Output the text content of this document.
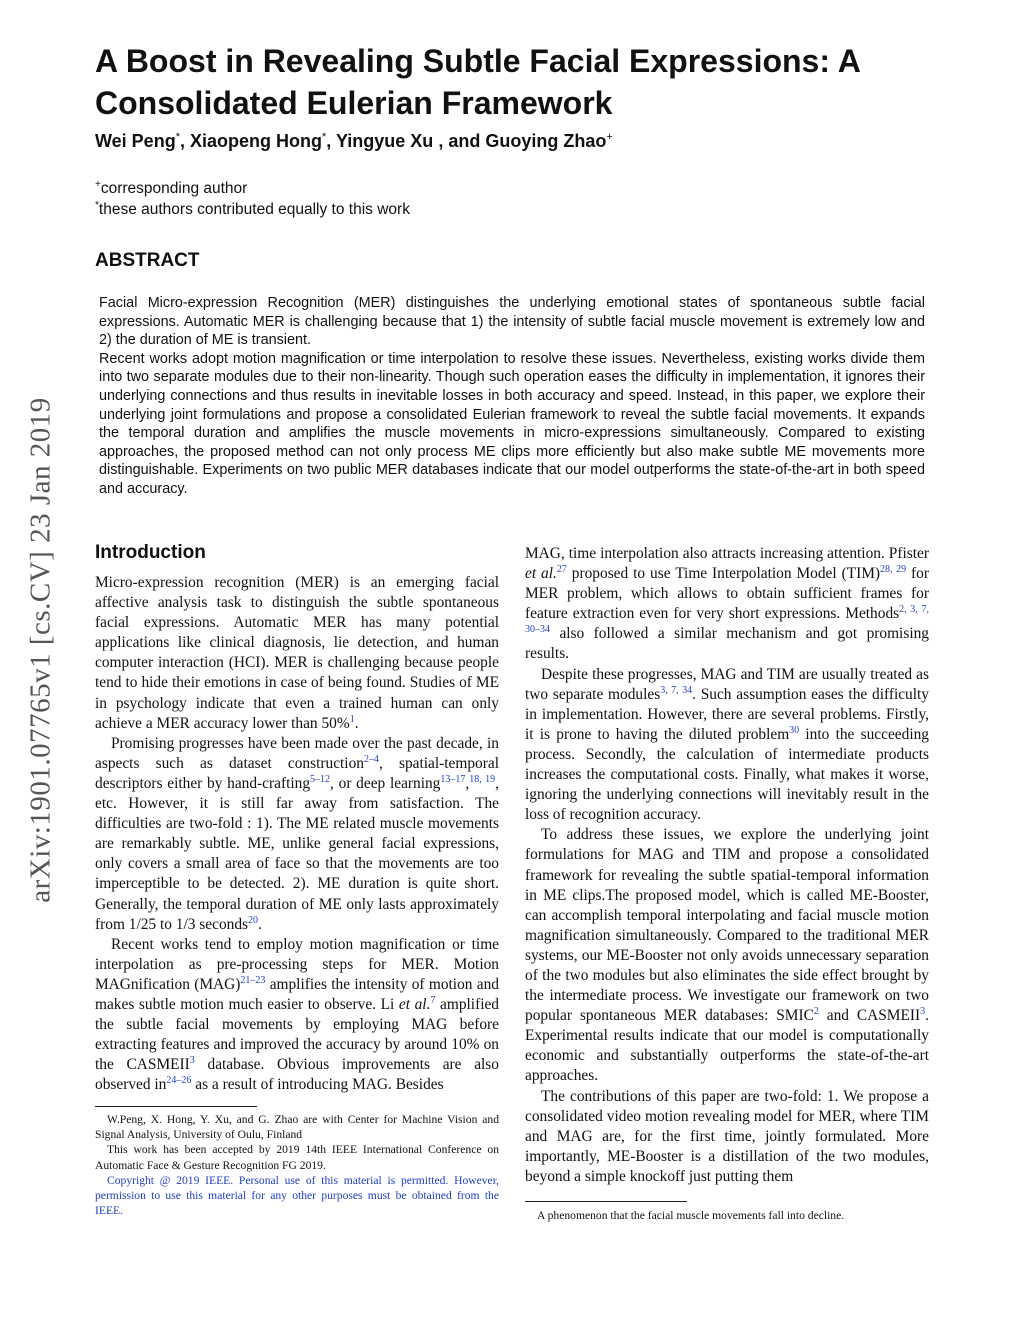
A Boost in Revealing Subtle Facial Expressions: A Consolidated Eulerian Framework
Wei Peng*, Xiaopeng Hong*, Yingyue Xu , and Guoying Zhao+
+corresponding author
*these authors contributed equally to this work
ABSTRACT

Facial Micro-expression Recognition (MER) distinguishes the underlying emotional states of spontaneous subtle facial expressions. Automatic MER is challenging because that 1) the intensity of subtle facial muscle movement is extremely low and 2) the duration of ME is transient.

Recent works adopt motion magnification or time interpolation to resolve these issues. Nevertheless, existing works divide them into two separate modules due to their non-linearity. Though such operation eases the difficulty in implementation, it ignores their underlying connections and thus results in inevitable losses in both accuracy and speed. Instead, in this paper, we explore their underlying joint formulations and propose a consolidated Eulerian framework to reveal the subtle facial movements. It expands the temporal duration and amplifies the muscle movements in micro-expressions simultaneously. Compared to existing approaches, the proposed method can not only process ME clips more efficiently but also make subtle ME movements more distinguishable. Experiments on two public MER databases indicate that our model outperforms the state-of-the-art in both speed and accuracy.

arXiv:1901.07765v1 [cs.CV] 23 Jan 2019 Introduction

Micro-expression recognition (MER) is an emerging facial affective analysis task to distinguish the subtle spontaneous facial expressions. Automatic MER has many potential applications like clinical diagnosis, lie detection, and human computer interaction (HCI). MER is challenging because people tend to hide their emotions in case of being found. Studies of ME in psychology indicate that even a trained human can only achieve a MER accuracy lower than 50%$^1$.

Promising progresses have been made over the past decade, in aspects such as dataset construction$^{2-4}$, spatial-temporal descriptors either by hand-crafting$^{5-12}$, or deep learning$^{13-17}$,$^{18, 19}$, etc. However, it is still far away from satisfaction. The difficulties are two-fold : 1). The ME related muscle movements are remarkably subtle. ME, unlike general facial expressions, only covers a small area of face so that the movements are too imperceptible to be detected. 2). ME duration is quite short. Generally, the temporal duration of ME only lasts approximately from 1/25 to 1/3 seconds$^{20}$.

Recent works tend to employ motion magnification or time interpolation as pre-processing steps for MER. Motion MAGnification (MAG)$^{21-23}$ amplifies the intensity of motion and makes subtle motion much easier to observe. Li et al.$^7$ amplified the subtle facial movements by employing MAG before extracting features and improved the accuracy by around 10% on the CASMEII$^3$ database. Obvious improvements are also observed in$^{24-26}$ as a result of introducing MAG. Besides

MAG, time interpolation also attracts increasing attention. Pfister et al.$^{27}$ proposed to use Time Interpolation Model (TIM)$^{28, 29}$ for MER problem, which allows to obtain sufficient frames for feature extraction even for very short expressions. Methods$^{2, 3, 7, 30-34}$ also followed a similar mechanism and got promising results.

Despite these progresses, MAG and TIM are usually treated as two separate modules$^{3, 7, 34}$. Such assumption eases the difficulty in implementation. However, there are several problems. Firstly, it is prone to having the diluted problem$^{30}$ into the succeeding process. Secondly, the calculation of intermediate products increases the computational costs. Finally, what makes it worse, ignoring the underlying connections will inevitably result in the loss of recognition accuracy.

To address these issues, we explore the underlying joint formulations for MAG and TIM and propose a consolidated framework for revealing the subtle spatial-temporal information in ME clips.The proposed model, which is called ME-Booster, can accomplish temporal interpolating and facial muscle motion magnification simultaneously. Compared to the traditional MER systems, our ME-Booster not only avoids unnecessary separation of the two modules but also eliminates the side effect brought by the intermediate process. We investigate our framework on two popular spontaneous MER databases: SMIC$^2$ and CASMEII$^3$. Experimental results indicate that our model is computationally economic and substantially outperforms the state-of-the-art approaches.

The contributions of this paper are two-fold: 1. We propose a consolidated video motion revealing model for MER, where TIM and MAG are, for the first time, jointly formulated. More importantly, ME-Booster is a distillation of the two modules, beyond a simple knockoff just putting them

W.Peng, X. Hong, Y. Xu, and G. Zhao are with Center for Machine Vision and Signal Analysis, University of Oulu, Finland

This work has been accepted by 2019 14th IEEE International Conference on Automatic Face & Gesture Recognition FG 2019.

Copyright @ 2019 IEEE. Personal use of this material is permitted. However, permission to use this material for any other purposes must be obtained from the IEEE.	A phenomenon that the facial muscle movements fall into decline.
